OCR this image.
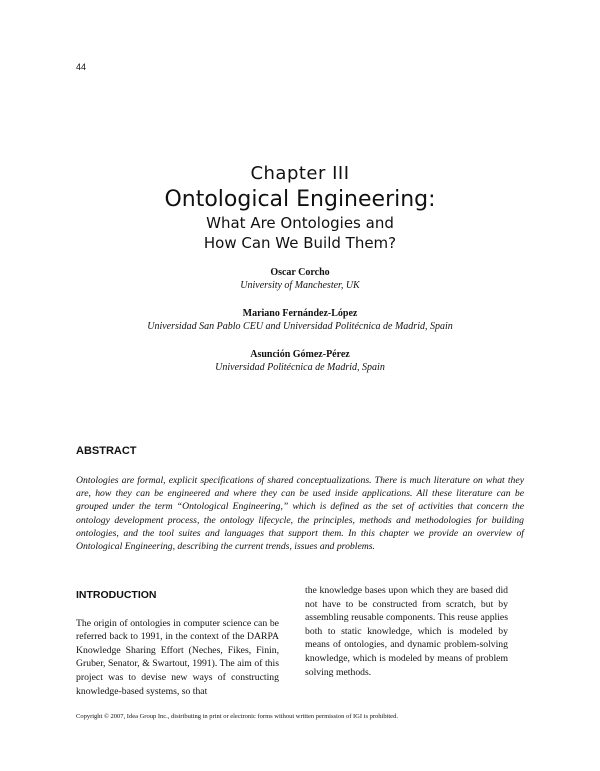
44
Chapter III
Ontological Engineering:
What Are Ontologies and
How Can We Build Them?
Oscar Corcho
University of Manchester, UK
Mariano Fernández-López
Universidad San Pablo CEU and Universidad Politécnica de Madrid, Spain
Asunción Gómez-Pérez
Universidad Politécnica de Madrid, Spain
ABSTRACT
Ontologies are formal, explicit specifications of shared conceptualizations. There is much literature on what they are, how they can be engineered and where they can be used inside applications. All these literature can be grouped under the term “Ontological Engineering,” which is defined as the set of activities that concern the ontology development process, the ontology lifecycle, the principles, methods and methodologies for building ontologies, and the tool suites and languages that support them. In this chapter we provide an overview of Ontological Engineering, describing the current trends, issues and problems.
INTRODUCTION
The origin of ontologies in computer science can be referred back to 1991, in the context of the DARPA Knowledge Sharing Effort (Neches, Fikes, Finin, Gruber, Senator, & Swartout, 1991). The aim of this project was to devise new ways of constructing knowledge-based systems, so that
the knowledge bases upon which they are based did not have to be constructed from scratch, but by assembling reusable components. This reuse applies both to static knowledge, which is modeled by means of ontologies, and dynamic problem-solving knowledge, which is modeled by means of problem solving methods.
Copyright © 2007, Idea Group Inc., distributing in print or electronic forms without written permission of IGI is prohibited.
